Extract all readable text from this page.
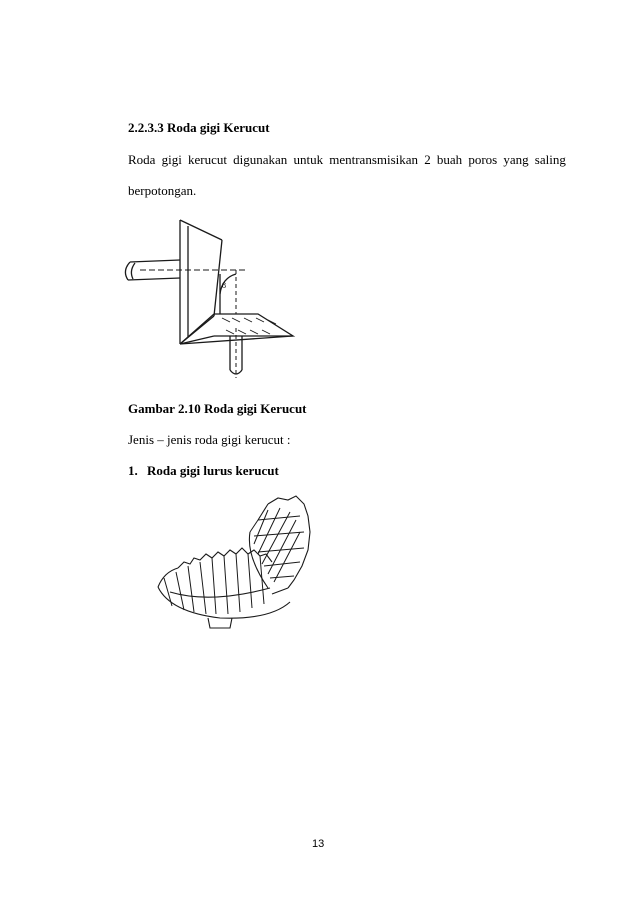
2.2.3.3 Roda gigi Kerucut
Roda gigi kerucut digunakan untuk mentransmisikan 2 buah poros yang saling
berpotongan.
8
Gambar 2.10 Roda gigi Kerucut
Jenis – jenis roda gigi kerucut :
1. Roda gigi lurus kerucut
13
